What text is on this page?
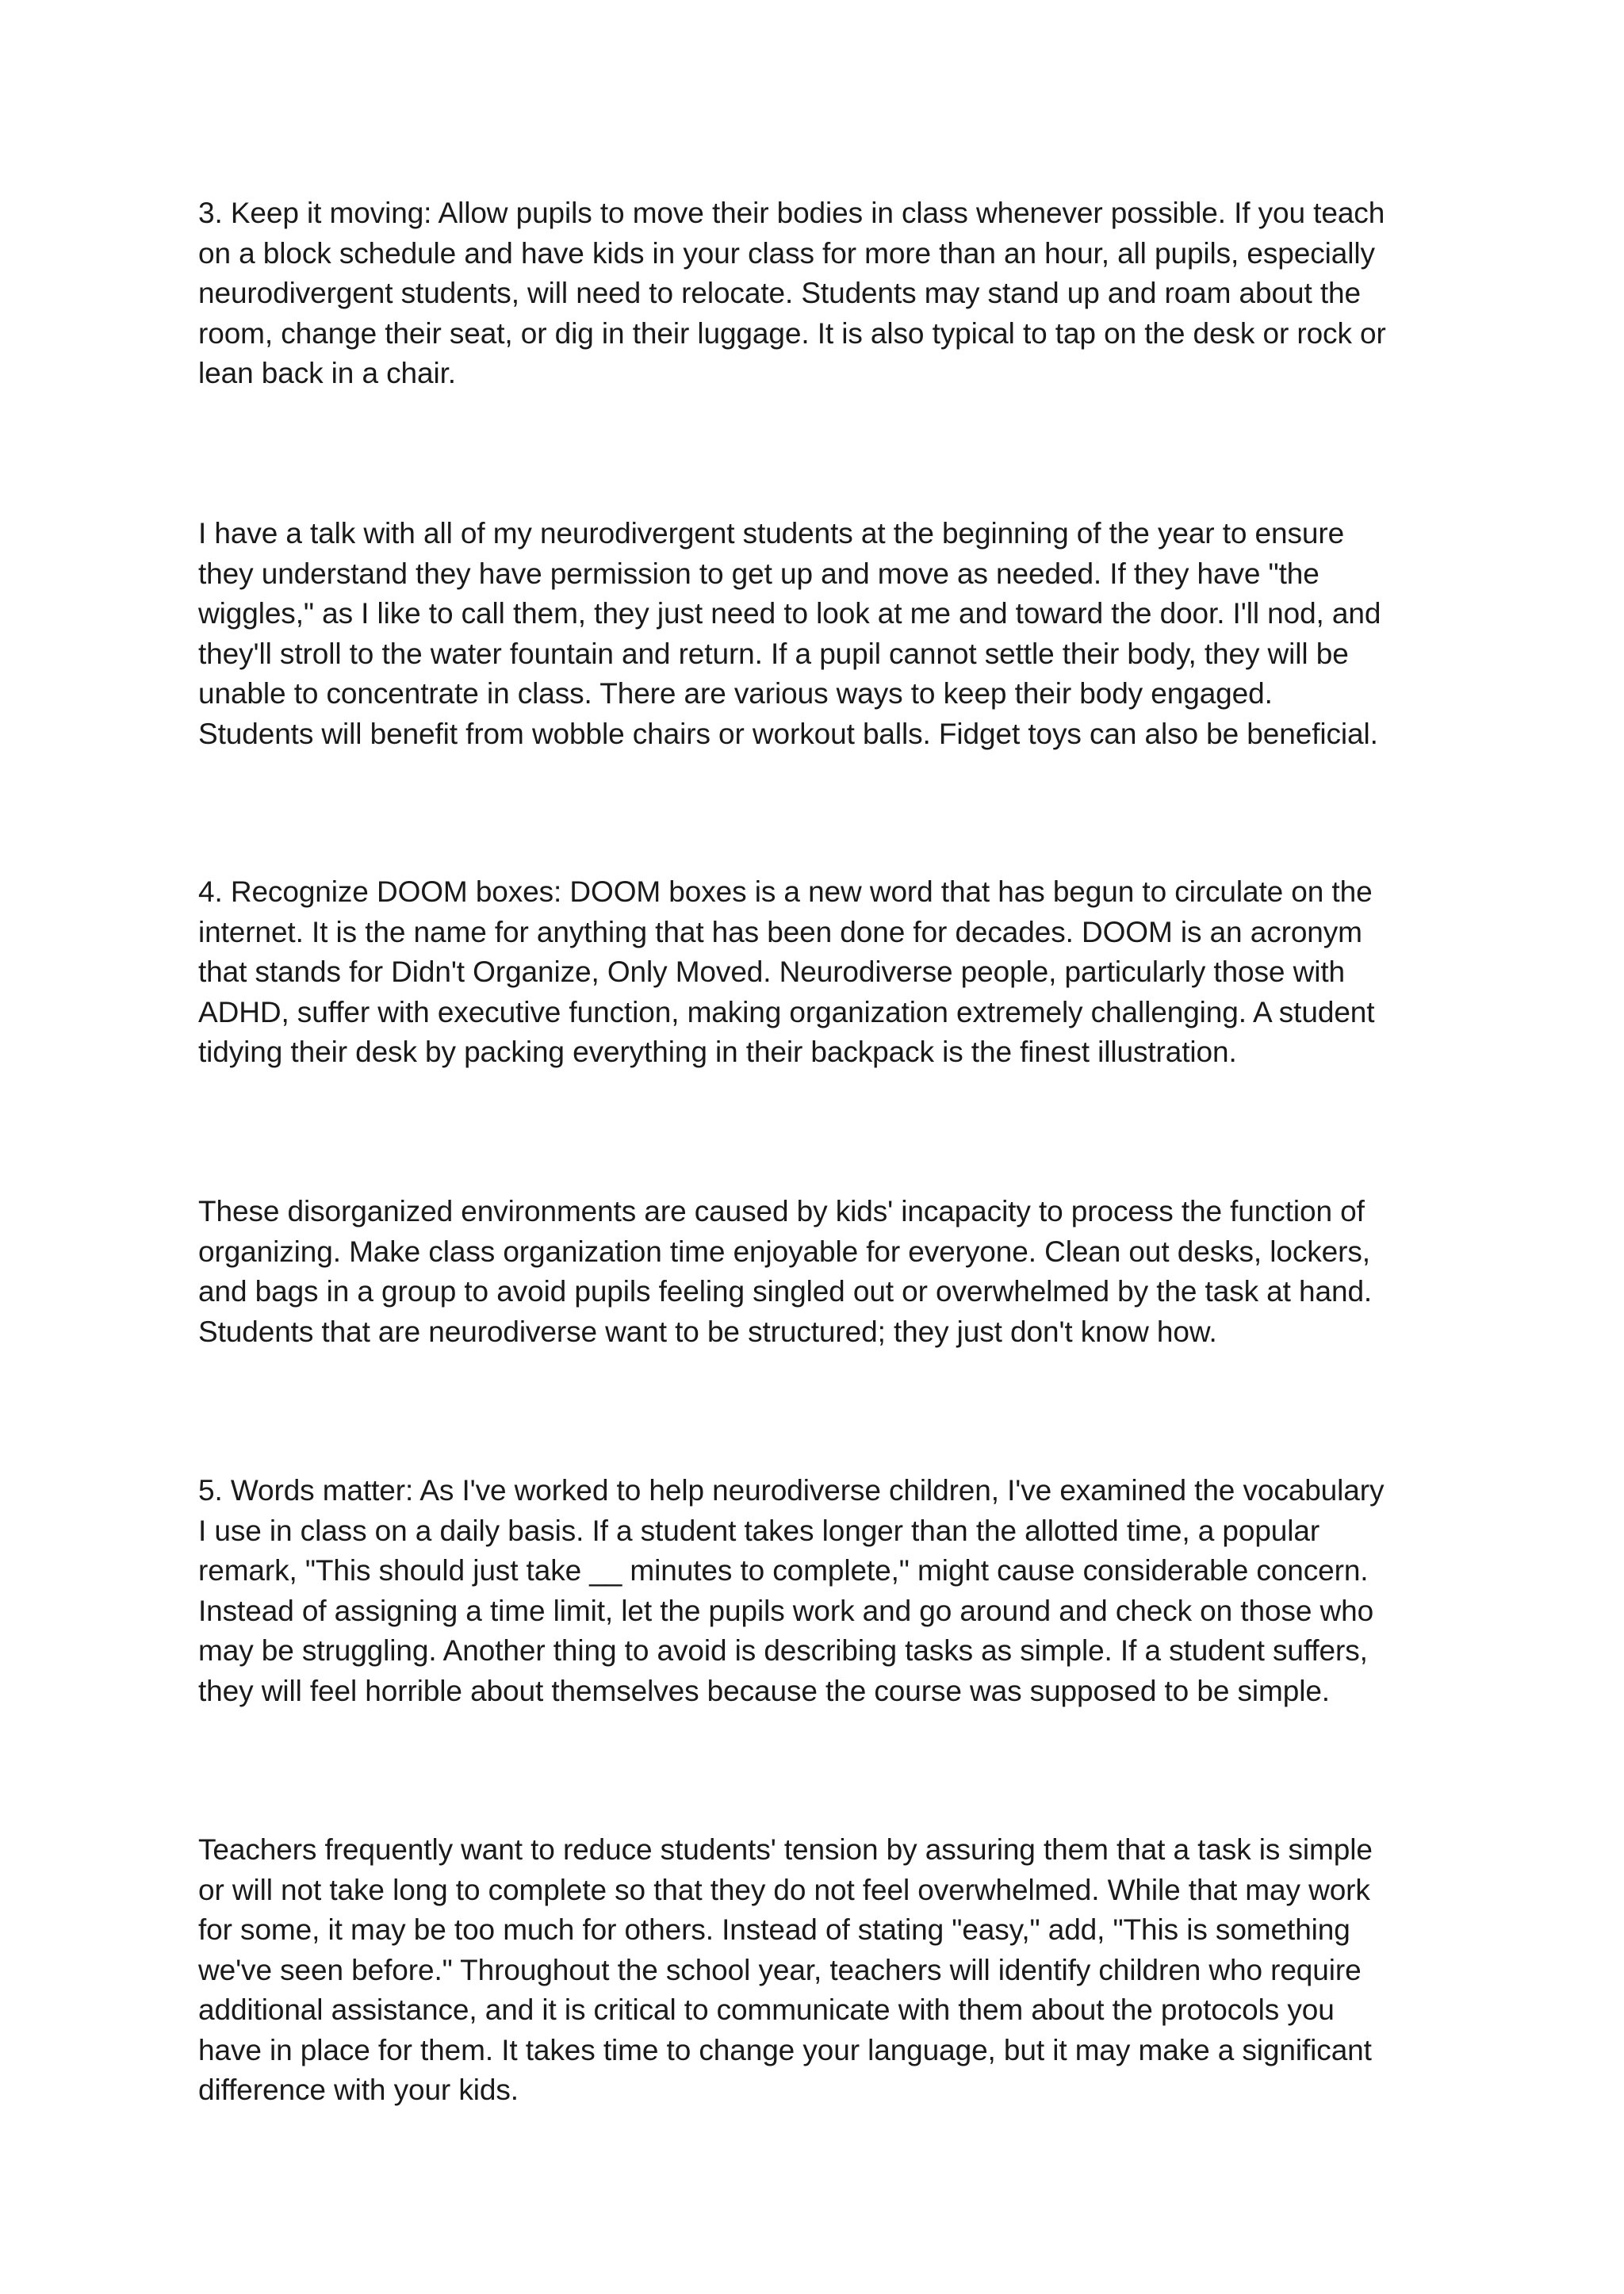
3. Keep it moving: Allow pupils to move their bodies in class whenever possible. If you teach
on a block schedule and have kids in your class for more than an hour, all pupils, especially
neurodivergent students, will need to relocate. Students may stand up and roam about the
room, change their seat, or dig in their luggage. It is also typical to tap on the desk or rock or
lean back in a chair.

I have a talk with all of my neurodivergent students at the beginning of the year to ensure
they understand they have permission to get up and move as needed. If they have "the
wiggles," as I like to call them, they just need to look at me and toward the door. I'll nod, and
they'll stroll to the water fountain and return. If a pupil cannot settle their body, they will be
unable to concentrate in class. There are various ways to keep their body engaged.
Students will benefit from wobble chairs or workout balls. Fidget toys can also be beneficial.

4. Recognize DOOM boxes: DOOM boxes is a new word that has begun to circulate on the
internet. It is the name for anything that has been done for decades. DOOM is an acronym
that stands for Didn't Organize, Only Moved. Neurodiverse people, particularly those with
ADHD, suffer with executive function, making organization extremely challenging. A student
tidying their desk by packing everything in their backpack is the finest illustration.

These disorganized environments are caused by kids' incapacity to process the function of
organizing. Make class organization time enjoyable for everyone. Clean out desks, lockers,
and bags in a group to avoid pupils feeling singled out or overwhelmed by the task at hand.
Students that are neurodiverse want to be structured; they just don't know how.

5. Words matter: As I've worked to help neurodiverse children, I've examined the vocabulary
I use in class on a daily basis. If a student takes longer than the allotted time, a popular
remark, "This should just take __ minutes to complete," might cause considerable concern.
Instead of assigning a time limit, let the pupils work and go around and check on those who
may be struggling. Another thing to avoid is describing tasks as simple. If a student suffers,
they will feel horrible about themselves because the course was supposed to be simple.

Teachers frequently want to reduce students' tension by assuring them that a task is simple
or will not take long to complete so that they do not feel overwhelmed. While that may work
for some, it may be too much for others. Instead of stating "easy," add, "This is something
we've seen before." Throughout the school year, teachers will identify children who require
additional assistance, and it is critical to communicate with them about the protocols you
have in place for them. It takes time to change your language, but it may make a significant
difference with your kids.
